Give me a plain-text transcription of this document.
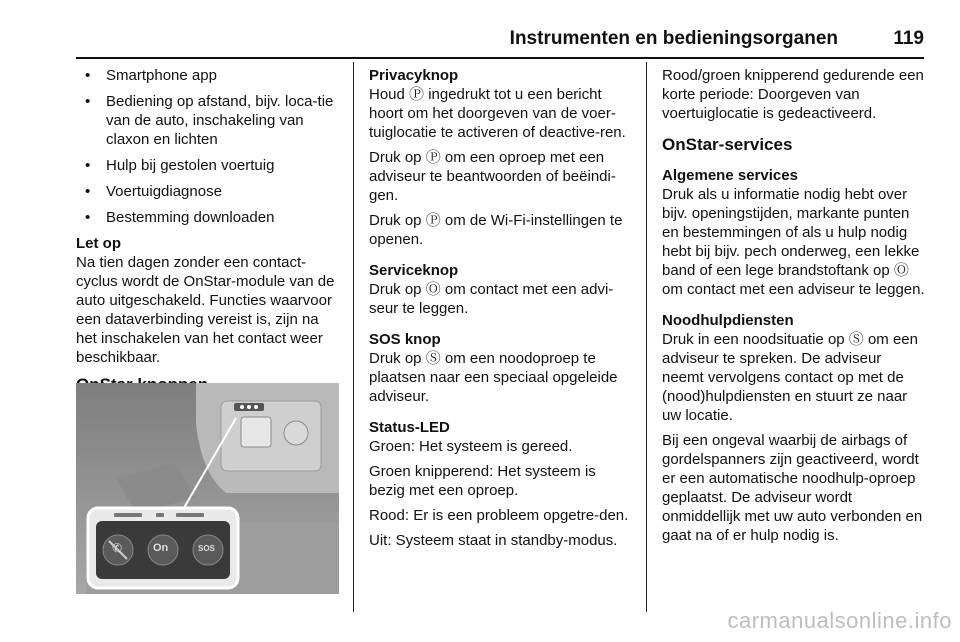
Instrumenten en bedieningsorganen	119
• Smartphone app
• Bediening op afstand, bijv. loca-tie van de auto, inschakeling van claxon en lichten
• Hulp bij gestolen voertuig
• Voertuigdiagnose
• Bestemming downloaden
Let op

Na tien dagen zonder een contact-cyclus wordt de OnStar-module van de auto uitgeschakeld. Functies waarvoor een dataverbinding vereist is, zijn na het inschakelen van het contact weer beschikbaar.

On	SOS
✆
Privacyknop

Houd Ⓟ ingedrukt tot u een bericht hoort om het doorgeven van de voer-tuiglocatie te activeren of deactive-ren.

Druk op Ⓟ om een oproep met een adviseur te beantwoorden of beëindi-gen.

Druk op Ⓟ om de Wi-Fi-instellingen te openen.

Serviceknop

Druk op Ⓞ om contact met een advi-seur te leggen.

SOS knop

Druk op Ⓢ om een noodoproep te plaatsen naar een speciaal opgeleide adviseur.

Status-LED

Groen: Het systeem is gereed.

Groen knipperend: Het systeem is bezig met een oproep.

Rood: Er is een probleem opgetre-den.

Uit: Systeem staat in standby-modus.

Rood/groen knipperend gedurende een korte periode: Doorgeven van voertuiglocatie is gedeactiveerd.

OnStar-services
Algemene services

Druk als u informatie nodig hebt over bijv. openingstijden, markante punten en bestemmingen of als u hulp nodig hebt bij bijv. pech onderweg, een lekke band of een lege brandstoftank op Ⓞ om contact met een adviseur te leggen.

Noodhulpdiensten

Druk in een noodsituatie op Ⓢ om een adviseur te spreken. De adviseur neemt vervolgens contact op met de (nood)hulpdiensten en stuurt ze naar uw locatie.

Bij een ongeval waarbij de airbags of gordelspanners zijn geactiveerd, wordt er een automatische noodhulp-oproep geplaatst. De adviseur wordt onmiddellijk met uw auto verbonden en gaat na of er hulp nodig is.

carmanualsonline.info
